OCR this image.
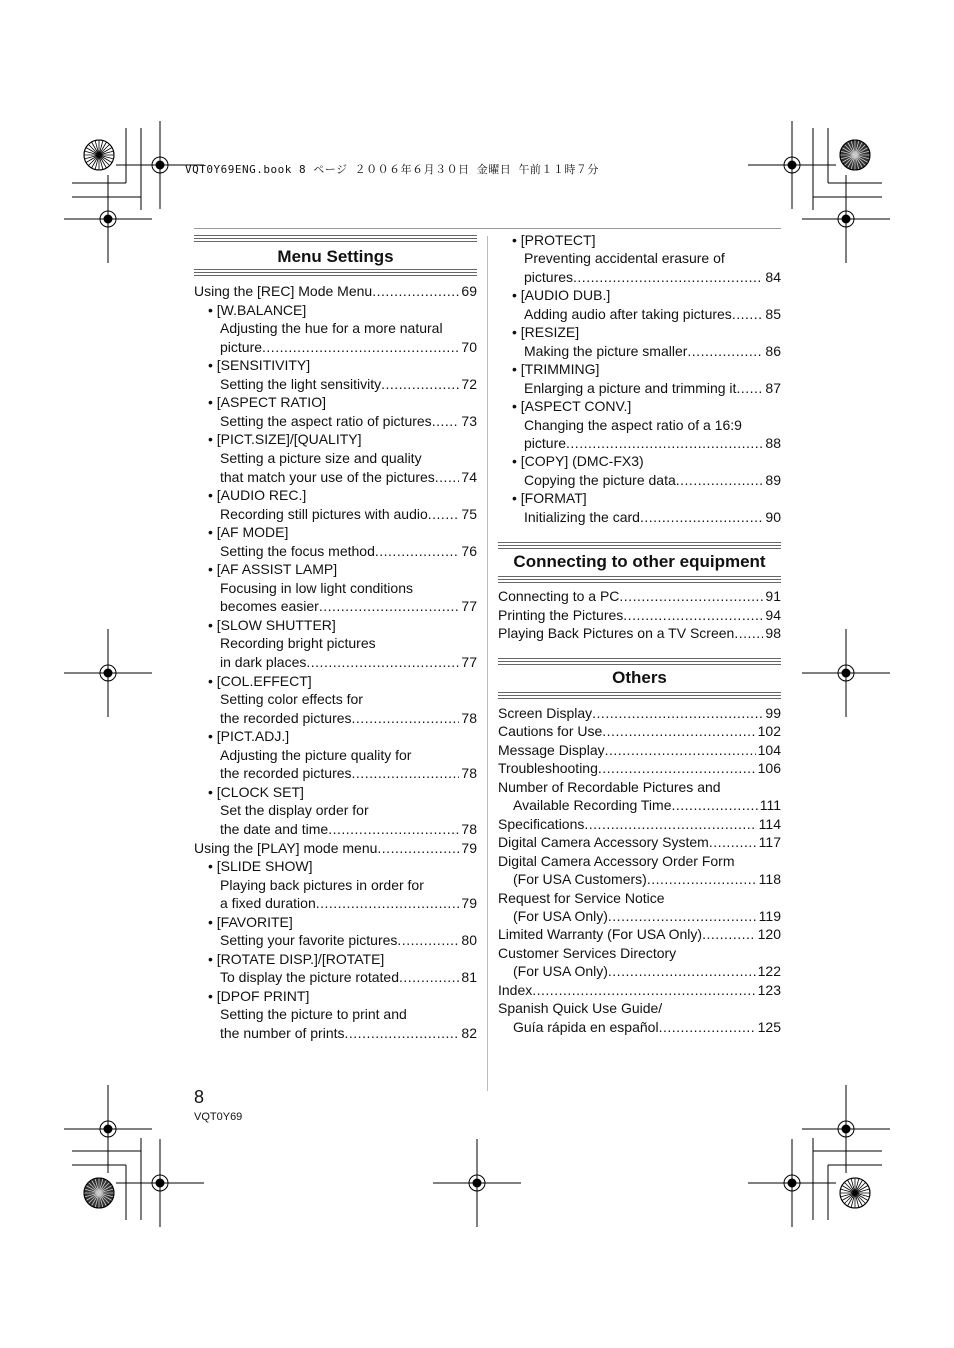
VQT0Y69ENG.book 8 ページ ２００６年６月３０日 金曜日 午前１１時７分
Menu Settings
Using the [REC] Mode Menu .....	69
• [W.BALANCE]
Adjusting the hue for a more natural
picture .....	70
• [SENSITIVITY]
Setting the light sensitivity .....	72
• [ASPECT RATIO]
Setting the aspect ratio of pictures ..... 73
• [PICT.SIZE]/[QUALITY]
Setting a picture size and quality
that match your use of the pictures ..... 74
• [AUDIO REC.]
Recording still pictures with audio ..... 75
• [AF MODE]
Setting the focus method .....	76
• [AF ASSIST LAMP]
Focusing in low light conditions
becomes easier .....	77
• [SLOW SHUTTER]
Recording bright pictures
in dark places .....	77
• [COL.EFFECT]
Setting color effects for
the recorded pictures .....	78
• [PICT.ADJ.]
Adjusting the picture quality for
the recorded pictures .....	78
• [CLOCK SET]
Set the display order for
the date and time .....	78
Using the [PLAY] mode menu .....	79
• [SLIDE SHOW]
Playing back pictures in order for
a fixed duration .....	79
• [FAVORITE]
Setting your favorite pictures .....	80
• [ROTATE DISP.]/[ROTATE]
To display the picture rotated .....	81
• [DPOF PRINT]
Setting the picture to print and
the number of prints .....	82
• [PROTECT]
Preventing accidental erasure of
pictures .....	84
• [AUDIO DUB.]
Adding audio after taking pictures ..... 85
• [RESIZE]
Making the picture smaller .....	86
• [TRIMMING]
Enlarging a picture and trimming it ..... 87
• [ASPECT CONV.]
Changing the aspect ratio of a 16:9
picture .....	88
• [COPY] (DMC-FX3)
Copying the picture data .....	89
• [FORMAT]
Initializing the card .....	90
Connecting to other equipment
Connecting to a PC .....	91
Printing the Pictures .....	94
Playing Back Pictures on a TV Screen ..... 98
Others
Screen Display .....	99
Cautions for Use .....	102
Message Display .....	104
Troubleshooting .....	106
Number of Recordable Pictures and
Available Recording Time .....	111
Specifications .....	114
Digital Camera Accessory System .....	117
Digital Camera Accessory Order Form
(For USA Customers) .....	118
Request for Service Notice
(For USA Only) .....	119
Limited Warranty (For USA Only) .....	120
Customer Services Directory
(For USA Only) .....	122
Index .....	123
Spanish Quick Use Guide/
Guía rápida en español .....	125
8
VQT0Y69
